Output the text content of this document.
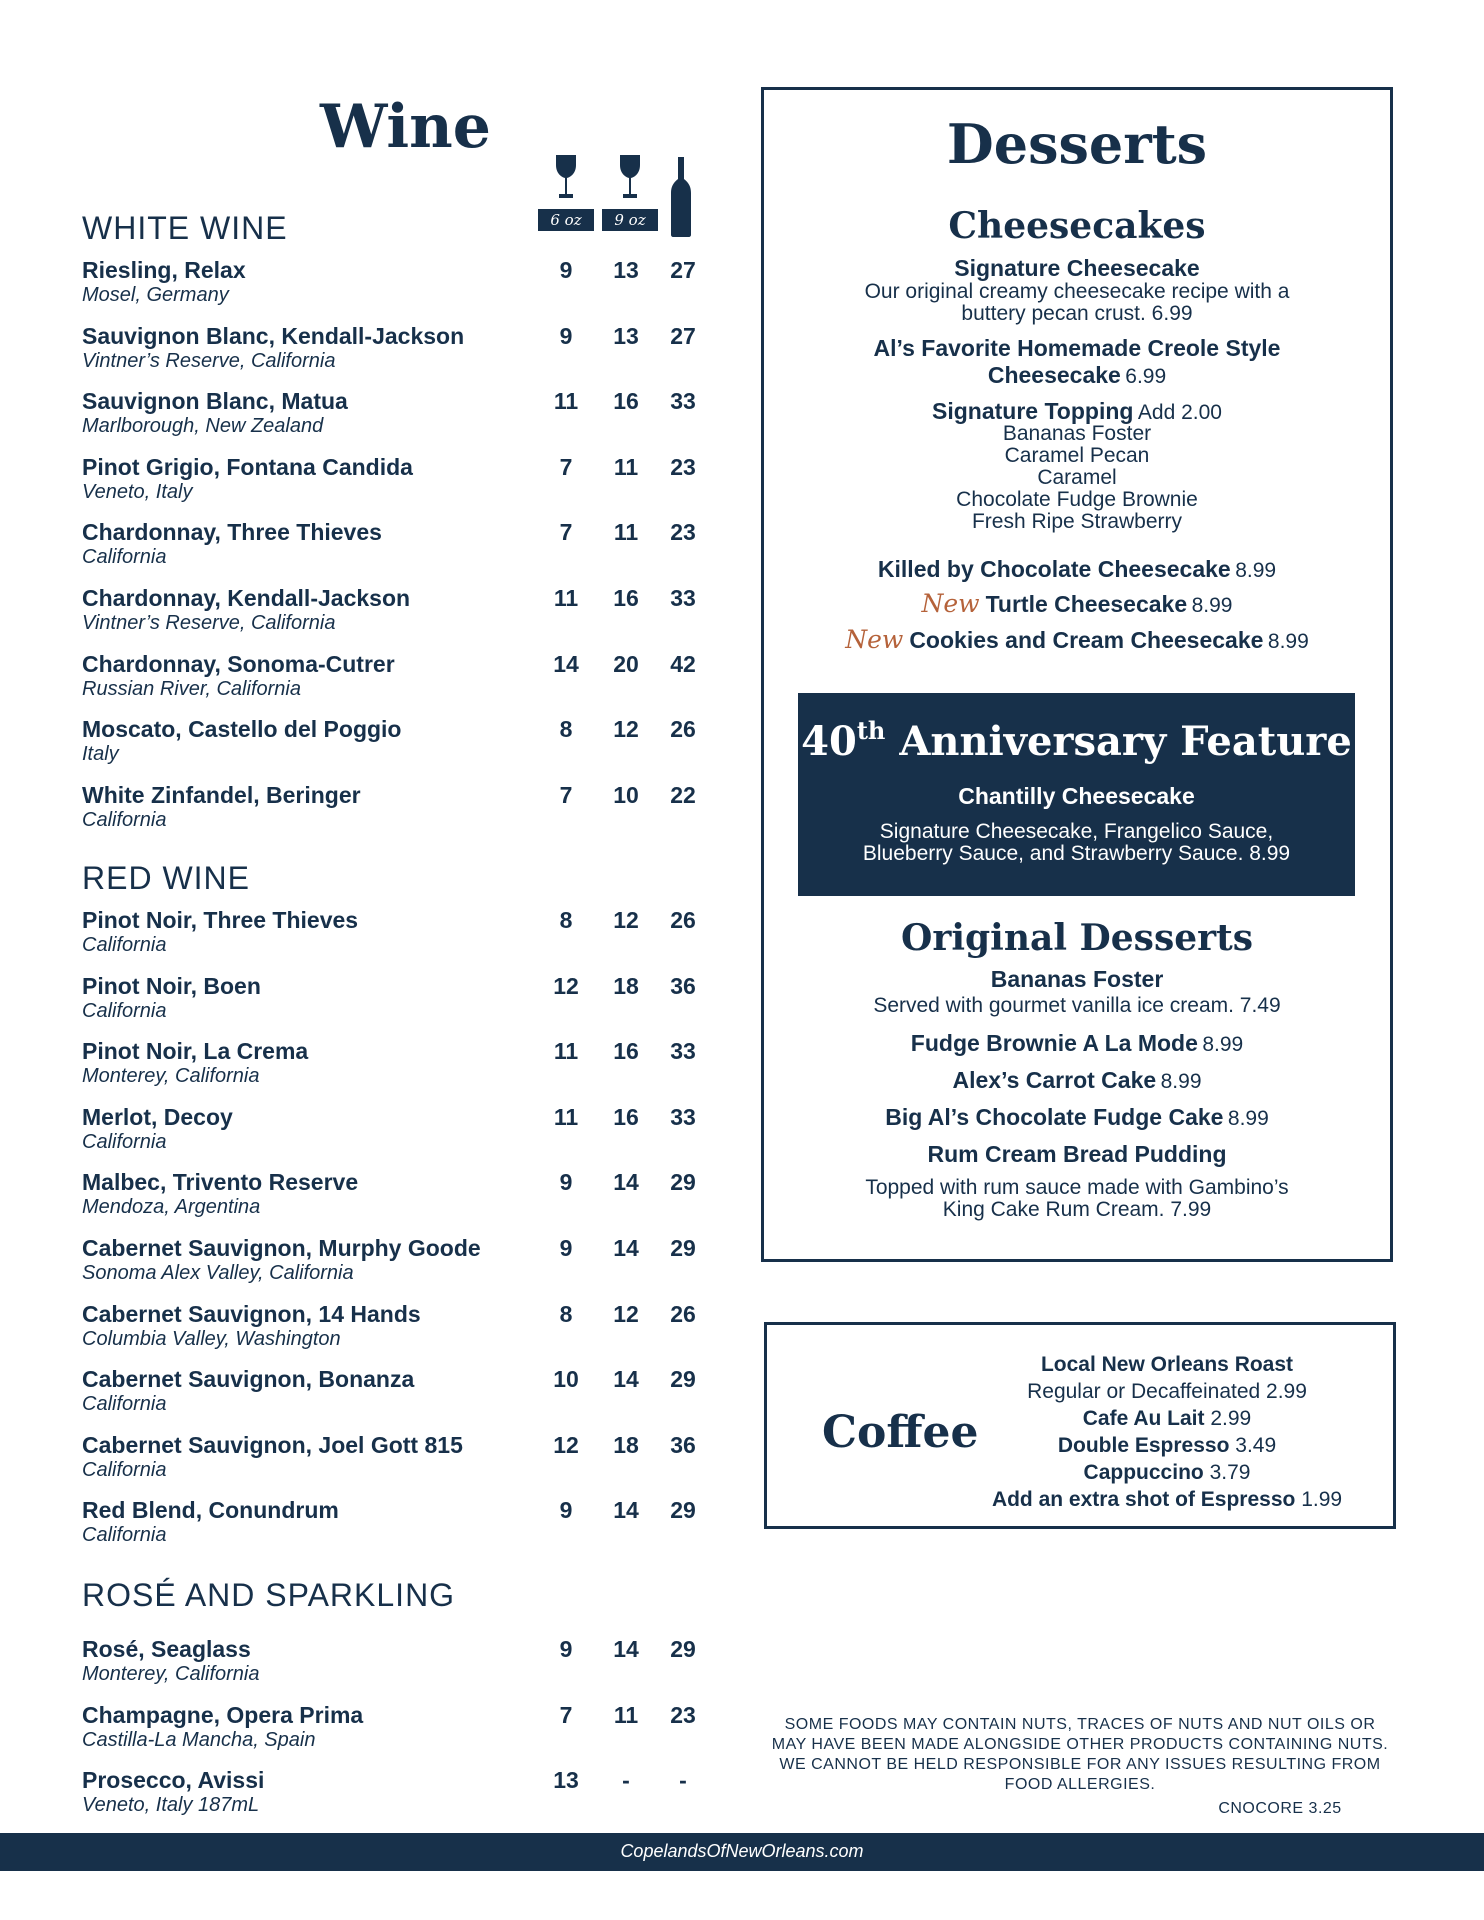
Wine
6 oz	9 oz
WHITE WINE
Riesling, Relax
Mosel, Germany
9	13	27
Sauvignon Blanc, Kendall-Jackson
Vintner’s Reserve, California
9	13	27
Sauvignon Blanc, Matua
Marlborough, New Zealand
11	16	33
Pinot Grigio, Fontana Candida
Veneto, Italy
7	11	23
Chardonnay, Three Thieves
California
7	11	23
Chardonnay, Kendall-Jackson
Vintner’s Reserve, California
11	16	33
Chardonnay, Sonoma-Cutrer
Russian River, California
14	20	42
Moscato, Castello del Poggio
Italy
8	12	26
White Zinfandel, Beringer
California
7	10	22
RED WINE
Pinot Noir, Three Thieves
California
8	12	26
Pinot Noir, Boen
California
12	18	36
Pinot Noir, La Crema
Monterey, California
11	16	33
Merlot, Decoy
California
11	16	33
Malbec, Trivento Reserve
Mendoza, Argentina
9	14	29
Cabernet Sauvignon, Murphy Goode
Sonoma Alex Valley, California
9	14	29
Cabernet Sauvignon, 14 Hands
Columbia Valley, Washington
8	12	26
Cabernet Sauvignon, Bonanza
California
10	14	29
Cabernet Sauvignon, Joel Gott 815
California
12	18	36
Red Blend, Conundrum
California
9	14	29
ROSÉ AND SPARKLING
Rosé, Seaglass
Monterey, California
9	14	29
Champagne, Opera Prima
Castilla-La Mancha, Spain
7	11	23
Prosecco, Avissi
Veneto, Italy 187mL
13	-	-
Desserts
Cheesecakes
Signature Cheesecake
Our original creamy cheesecake recipe with a
buttery pecan crust. 6.99
Al’s Favorite Homemade Creole Style
Cheesecake 6.99
Signature Topping Add 2.00
Bananas Foster
Caramel Pecan
Caramel
Chocolate Fudge Brownie
Fresh Ripe Strawberry
Killed by Chocolate Cheesecake 8.99
New Turtle Cheesecake 8.99
New Cookies and Cream Cheesecake 8.99
40th Anniversary Feature
Chantilly Cheesecake
Signature Cheesecake, Frangelico Sauce,
Blueberry Sauce, and Strawberry Sauce. 8.99
Original Desserts
Bananas Foster
Served with gourmet vanilla ice cream. 7.49
Fudge Brownie A La Mode 8.99
Alex’s Carrot Cake 8.99
Big Al’s Chocolate Fudge Cake 8.99
Rum Cream Bread Pudding
Topped with rum sauce made with Gambino’s
King Cake Rum Cream. 7.99
Coffee
Local New Orleans Roast
Regular or Decaffeinated 2.99
Cafe Au Lait 2.99
Double Espresso 3.49
Cappuccino 3.79
Add an extra shot of Espresso 1.99
SOME FOODS MAY CONTAIN NUTS, TRACES OF NUTS AND NUT OILS OR
MAY HAVE BEEN MADE ALONGSIDE OTHER PRODUCTS CONTAINING NUTS.
WE CANNOT BE HELD RESPONSIBLE FOR ANY ISSUES RESULTING FROM
FOOD ALLERGIES.
CNOCORE 3.25
CopelandsOfNewOrleans.com
